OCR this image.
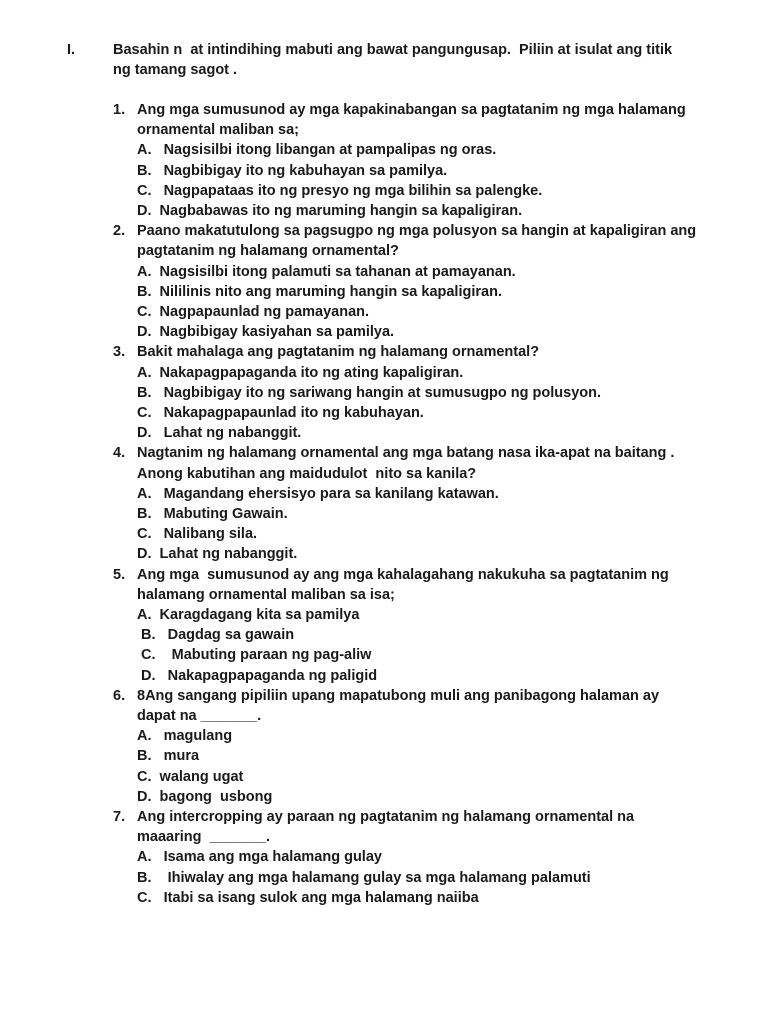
I.	Basahin n  at intindihing mabuti ang bawat pangungusap.  Piliin at isulat ang titik
ng tamang sagot .
1. Ang mga sumusunod ay mga kapakinabangan sa pagtatanim ng mga halamang
ornamental maliban sa;
A.   Nagsisilbi itong libangan at pampalipas ng oras.
B.   Nagbibigay ito ng kabuhayan sa pamilya.
C.   Nagpapataas ito ng presyo ng mga bilihin sa palengke.
D.  Nagbabawas ito ng maruming hangin sa kapaligiran.
2. Paano makatutulong sa pagsugpo ng mga polusyon sa hangin at kapaligiran ang
pagtatanim ng halamang ornamental?
A.  Nagsisilbi itong palamuti sa tahanan at pamayanan.
B.  Nililinis nito ang maruming hangin sa kapaligiran.
C.  Nagpapaunlad ng pamayanan.
D.  Nagbibigay kasiyahan sa pamilya.
3. Bakit mahalaga ang pagtatanim ng halamang ornamental?
A.  Nakapagpapaganda ito ng ating kapaligiran.
B.   Nagbibigay ito ng sariwang hangin at sumusugpo ng polusyon.
C.   Nakapagpapaunlad ito ng kabuhayan.
D.   Lahat ng nabanggit.
4. Nagtanim ng halamang ornamental ang mga batang nasa ika-apat na baitang .
Anong kabutihan ang maidudulot  nito sa kanila?
A.   Magandang ehersisyo para sa kanilang katawan.
B.   Mabuting Gawain.
C.   Nalibang sila.
D.  Lahat ng nabanggit.
5. Ang mga  sumusunod ay ang mga kahalagahang nakukuha sa pagtatanim ng
halamang ornamental maliban sa isa;
A.  Karagdagang kita sa pamilya
B.   Dagdag sa gawain
C.    Mabuting paraan ng pag-aliw
D.   Nakapagpapaganda ng paligid
6. 8Ang sangang pipiliin upang mapatubong muli ang panibagong halaman ay
dapat na _______.
A.   magulang
B.   mura
C.  walang ugat
D.  bagong  usbong
7. Ang intercropping ay paraan ng pagtatanim ng halamang ornamental na
maaaring  _______.
A.   Isama ang mga halamang gulay
B.    Ihiwalay ang mga halamang gulay sa mga halamang palamuti
C.   Itabi sa isang sulok ang mga halamang naiiba
